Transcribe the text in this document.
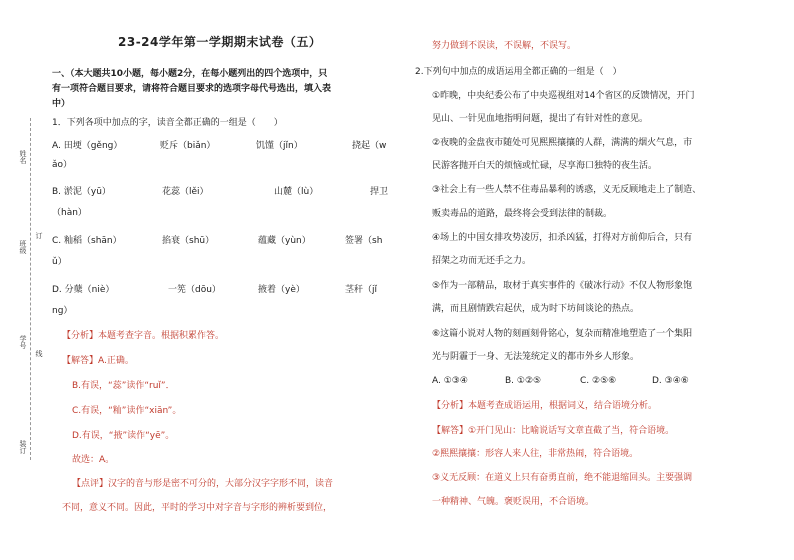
姓名
班级
订
学号
线
装订
23-24学年第一学期期末试卷（五）
一、（本大题共10小题，每小题2分，在每小题列出的四个选项中，只
有一项符合题目要求，请将符合题目要求的选项字母代号选出，填入表
中）
1．下列各项中加点的字，读音全都正确的一组是（　　）
A. 田埂（gěng）	贬斥（biǎn）	饥馑（jǐn）	挠起（w
ǎo）
B. 淤泥（yū）	花蕊（lěi）	山麓（lù）	捍卫
（hàn）
C. 籼稻（shān）	掐衰（shū）	蕴藏（yùn）	签署（sh
ǔ）
D. 分蘖（niè）	一筅（dōu）	掖着（yè）	茎秆（jǐ
ng）
【分析】本题考查字音。根据积累作答。
【解答】A.正确。
B.有误，“蕊”读作“ruǐ”．
C.有误，“籼”读作“xiān”。
D.有误，“掖”读作“yē”。
故选：A。
【点评】汉字的音与形是密不可分的，大部分汉字字形不同，读音
不同，意义不同。因此，平时的学习中对字音与字形的辨析要到位，
努力做到不误读，不误解，不误写。
2.下列句中加点的成语运用全都正确的一组是（　）
①昨晚，中央纪委公布了中央巡视组对14个省区的反馈情况，开门
见山、一针见血地指明问题，提出了有针对性的意见。
②夜晚的金盘夜市随处可见熙熙攘攘的人群，满满的烟火气息，市
民游客抛开白天的烦恼或忙碌，尽享海口独特的夜生活。
③社会上有一些人禁不住毒品暴利的诱惑，义无反顾地走上了制造、
贩卖毒品的道路，最终将会受到法律的制裁。
④场上的中国女排攻势凌厉，扣杀凶猛，打得对方前仰后合，只有
招架之功而无还手之力。
⑤作为一部精品，取材于真实事件的《破冰行动》不仅人物形象饱
满，而且剧情跌宕起伏，成为时下坊间谈论的热点。
⑥这篇小说对人物的刻画刻骨铭心，复杂而精准地塑造了一个集阳
光与阴霾于一身、无法笼统定义的都市外乡人形象。
A. ①③④	B. ①②⑤	C. ②⑤⑥	D. ③④⑥
【分析】本题考查成语运用，根据词义，结合语境分析。
【解答】①开门见山：比喻说话写文章直截了当，符合语境。
②熙熙攘攘：形容人来人往，非常热闹，符合语境。
③义无反顾：在道义上只有奋勇直前，绝不能退缩回头。主要强调
一种精神、气魄。褒贬误用，不合语境。
